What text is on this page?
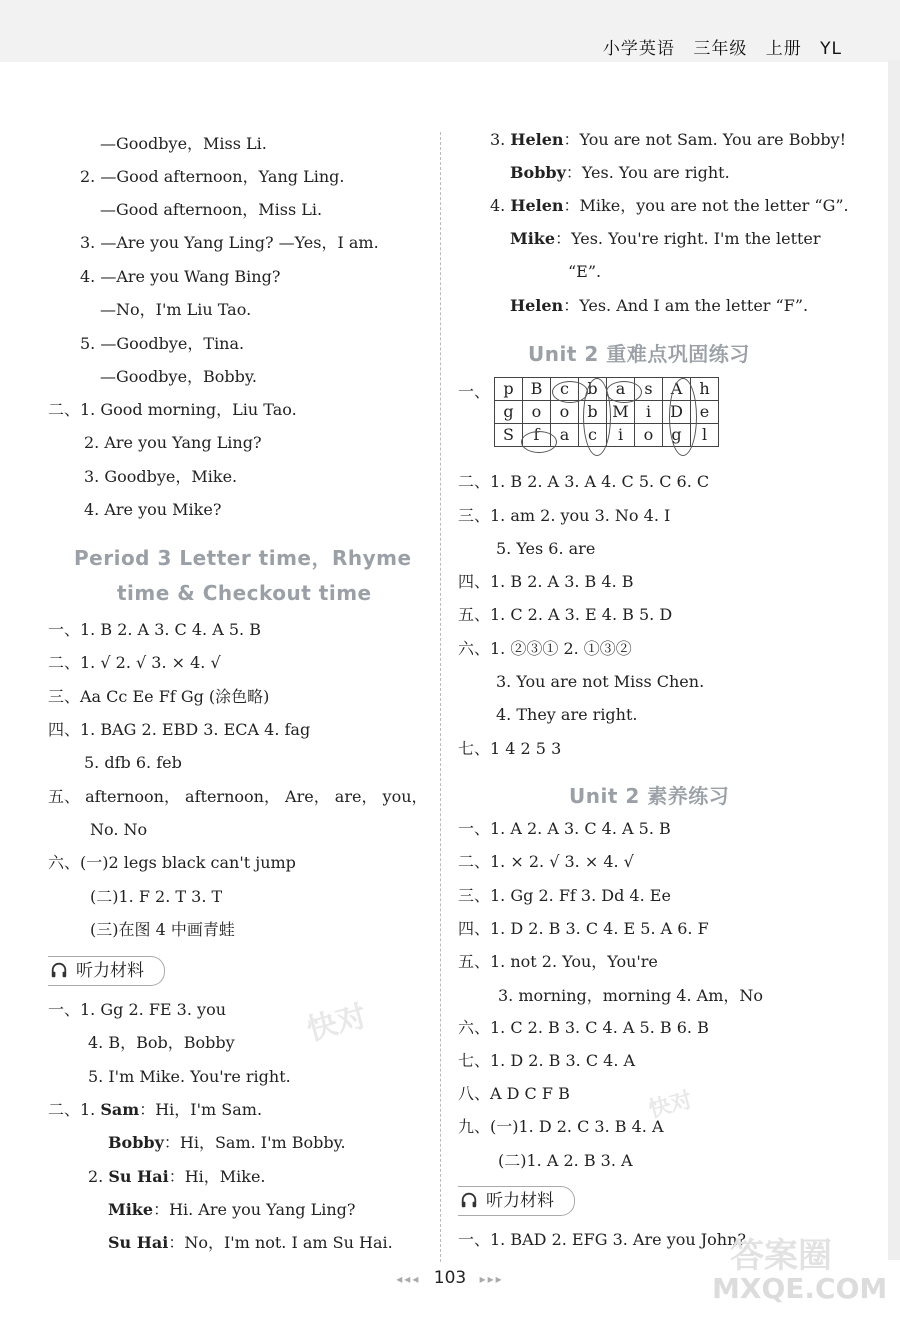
小学英语 三年级 上册 YL
—Goodbye，Miss Li.
2. —Good afternoon，Yang Ling.
—Good afternoon，Miss Li.
3. —Are you Yang Ling? —Yes，I am.
4. —Are you Wang Bing?
—No，I'm Liu Tao.
5. —Goodbye，Tina.
—Goodbye，Bobby.
二、1. Good morning，Liu Tao.
2. Are you Yang Ling?
3. Goodbye，Mike.
4. Are you Mike?
一、1. B 2. A 3. C 4. A 5. B
二、1. √ 2. √ 3. × 4. √
三、Aa Cc Ee Ff Gg (涂色略)
四、1. BAG 2. EBD 3. ECA 4. fag
5. dfb 6. feb
五、 afternoon， afternoon， Are， are， you，
No. No
六、(一)2 legs black can't jump
(二)1. F 2. T 3. T
(三)在图 4 中画青蛙
一、1. Gg 2. FE 3. you
4. B，Bob，Bobby
5. I'm Mike. You're right.
二、1. Sam：Hi，I'm Sam.
Bobby：Hi，Sam. I'm Bobby.
2. Su Hai：Hi，Mike.
Mike：Hi. Are you Yang Ling?
Su Hai：No，I'm not. I am Su Hai.
Period 3 Letter time，Rhyme
time & Checkout time
听力材料
3. Helen：You are not Sam. You are Bobby!
Bobby：Yes. You are right.
4. Helen：Mike，you are not the letter “G”.
Mike：Yes. You're right. I'm the letter
“E”.
Helen：Yes. And I am the letter “F”.
二、1. B 2. A 3. A 4. C 5. C 6. C
三、1. am 2. you 3. No 4. I
5. Yes 6. are
四、1. B 2. A 3. B 4. B
五、1. C 2. A 3. E 4. B 5. D
六、1. ②③① 2. ①③②
3. You are not Miss Chen.
4. They are right.
七、1 4 2 5 3
一、1. A 2. A 3. C 4. A 5. B
二、1. × 2. √ 3. × 4. √
三、1. Gg 2. Ff 3. Dd 4. Ee
四、1. D 2. B 3. C 4. E 5. A 6. F
五、1. not 2. You，You're
3. morning，morning 4. Am，No
六、1. C 2. B 3. C 4. A 5. B 6. B
七、1. D 2. B 3. C 4. A
八、A D C F B
九、(一)1. D 2. C 3. B 4. A
(二)1. A 2. B 3. A
一、1. BAD 2. EFG 3. Are you John?
Unit 2 重难点巩固练习
Unit 2 素养练习
听力材料
一、 p	B	c	b	a	s	A	h
g	o	o	b	M	i	D	e
S	f	a	c	i	o	g	l
快对
快对
MXQE.COM
答案圈
◂◂◂ 103 ▸▸▸
